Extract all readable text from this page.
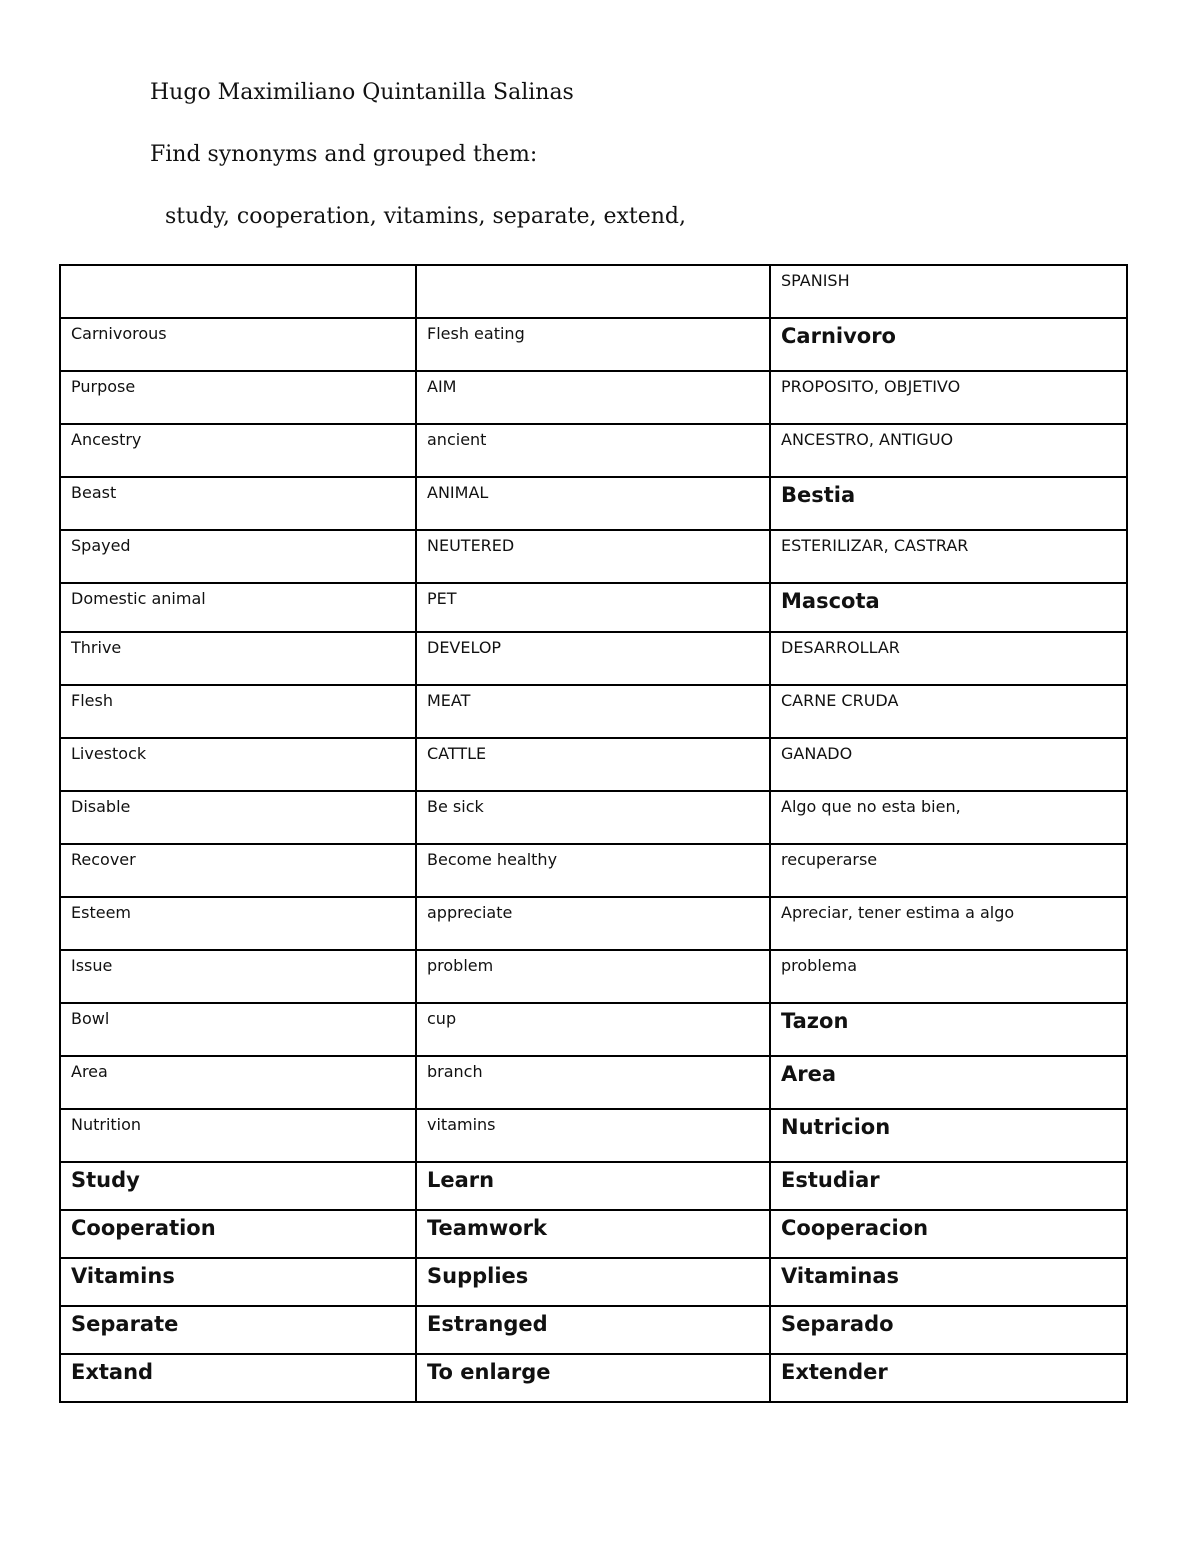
Hugo Maximiliano Quintanilla Salinas
Find synonyms and grouped them:
study, cooperation, vitamins, separate, extend,
		SPANISH
Carnivorous	Flesh eating	Carnivoro
Purpose	AIM	PROPOSITO, OBJETIVO
Ancestry	ancient	ANCESTRO, ANTIGUO
Beast	ANIMAL	Bestia
Spayed	NEUTERED	ESTERILIZAR, CASTRAR
Domestic animal	PET	Mascota
Thrive	DEVELOP	DESARROLLAR
Flesh	MEAT	CARNE CRUDA
Livestock	CATTLE	GANADO
Disable	Be sick	Algo que no esta bien,
Recover	Become healthy	recuperarse
Esteem	appreciate	Apreciar, tener estima a algo
Issue	problem	problema
Bowl	cup	Tazon
Area	branch	Area
Nutrition	vitamins	Nutricion
Study	Learn	Estudiar
Cooperation	Teamwork	Cooperacion
Vitamins	Supplies	Vitaminas
Separate	Estranged	Separado
Extand	To enlarge	Extender
